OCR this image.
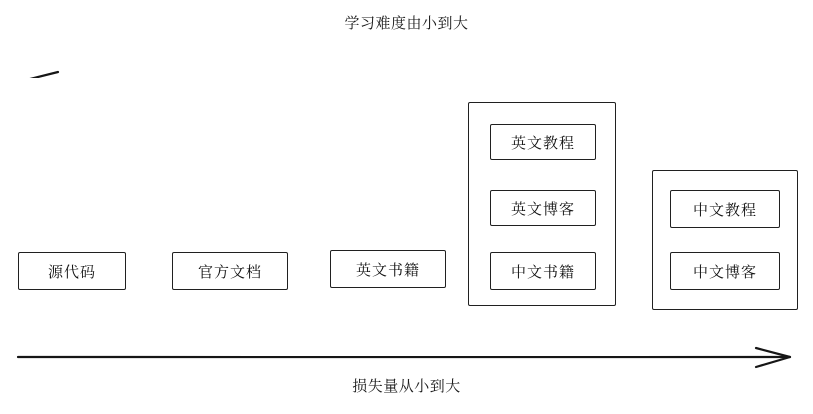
学习难度由小到大
源代码	官方文档	英文书籍
英文教程
英文博客
中文书籍
中文教程
中文博客
损失量从小到大
